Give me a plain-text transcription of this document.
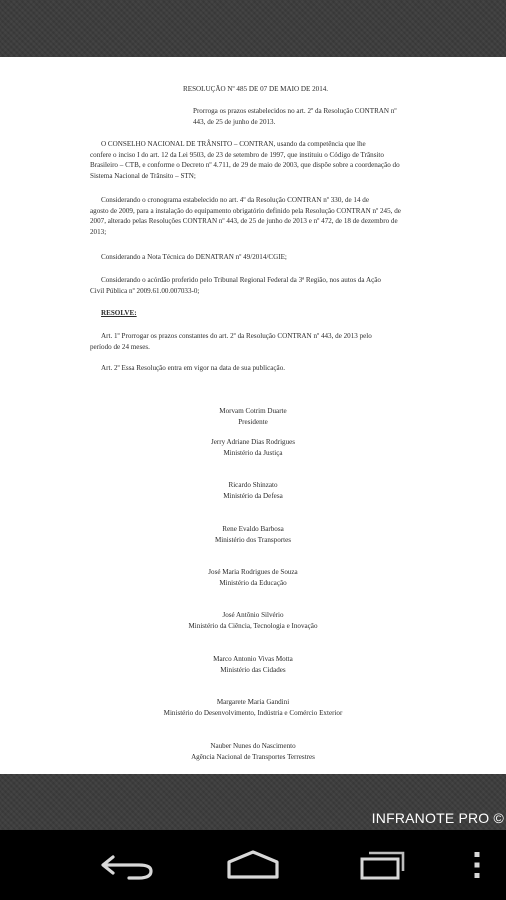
RESOLUÇÃO Nº 485 DE 07 DE MAIO DE 2014.
Prorroga os prazos estabelecidos no art. 2º da Resolução CONTRAN nº
443, de 25 de junho de 2013.
O CONSELHO NACIONAL DE TRÂNSITO – CONTRAN, usando da competência que lhe
confere o inciso I do art. 12 da Lei 9503, de 23 de setembro de 1997, que instituiu o Código de Trânsito
Brasileiro – CTB, e conforme o Decreto nº 4.711, de 29 de maio de 2003, que dispõe sobre a coordenação do
Sistema Nacional de Trânsito – STN;
Considerando o cronograma estabelecido no art. 4º da Resolução CONTRAN nº 330, de 14 de
agosto de 2009, para a instalação do equipamento obrigatório definido pela Resolução CONTRAN nº 245, de
2007, alterado pelas Resoluções CONTRAN nº 443, de 25 de junho de 2013 e nº 472, de 18 de dezembro de
2013;
Considerando a Nota Técnica do DENATRAN nº 49/2014/CGIE;
Considerando o acórdão proferido pelo Tribunal Regional Federal da 3ª Região, nos autos da Ação
Civil Pública nº 2009.61.00.007033-0;
RESOLVE:
Art. 1º Prorrogar os prazos constantes do art. 2º da Resolução CONTRAN nº 443, de 2013 pelo
período de 24 meses.
Art. 2º Essa Resolução entra em vigor na data de sua publicação.
Morvam Cotrim Duarte
Presidente
Jerry Adriane Dias Rodrigues
Ministério da Justiça
Ricardo Shinzato
Ministério da Defesa
Rene Evaldo Barbosa
Ministério dos Transportes
José Maria Rodrigues de Souza
Ministério da Educação
José Antônio Silvério
Ministério da Ciência, Tecnologia e Inovação
Marco Antonio Vivas Motta
Ministério das Cidades
Margarete Maria Gandini
Ministério do Desenvolvimento, Indústria e Comércio Exterior
Nauber Nunes do Nascimento
Agência Nacional de Transportes Terrestres
INFRANOTE PRO ©
